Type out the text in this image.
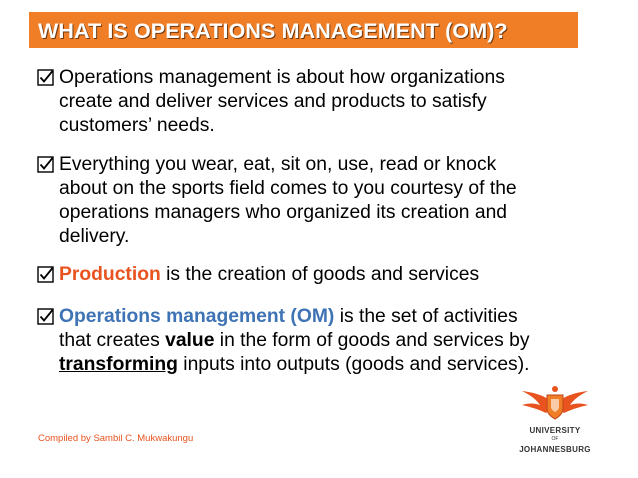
WHAT IS OPERATIONS MANAGEMENT (OM)?
Operations management is about how organizations
create and deliver services and products to satisfy
customers’ needs.
Everything you wear, eat, sit on, use, read or knock
about on the sports field comes to you courtesy of the
operations managers who organized its creation and
delivery.
Production is the creation of goods and services
Operations management (OM) is the set of activities
that creates value in the form of goods and services by
transforming inputs into outputs (goods and services).
Compiled by Sambil C. Mukwakungu
UNIVERSITY
OF
JOHANNESBURG
